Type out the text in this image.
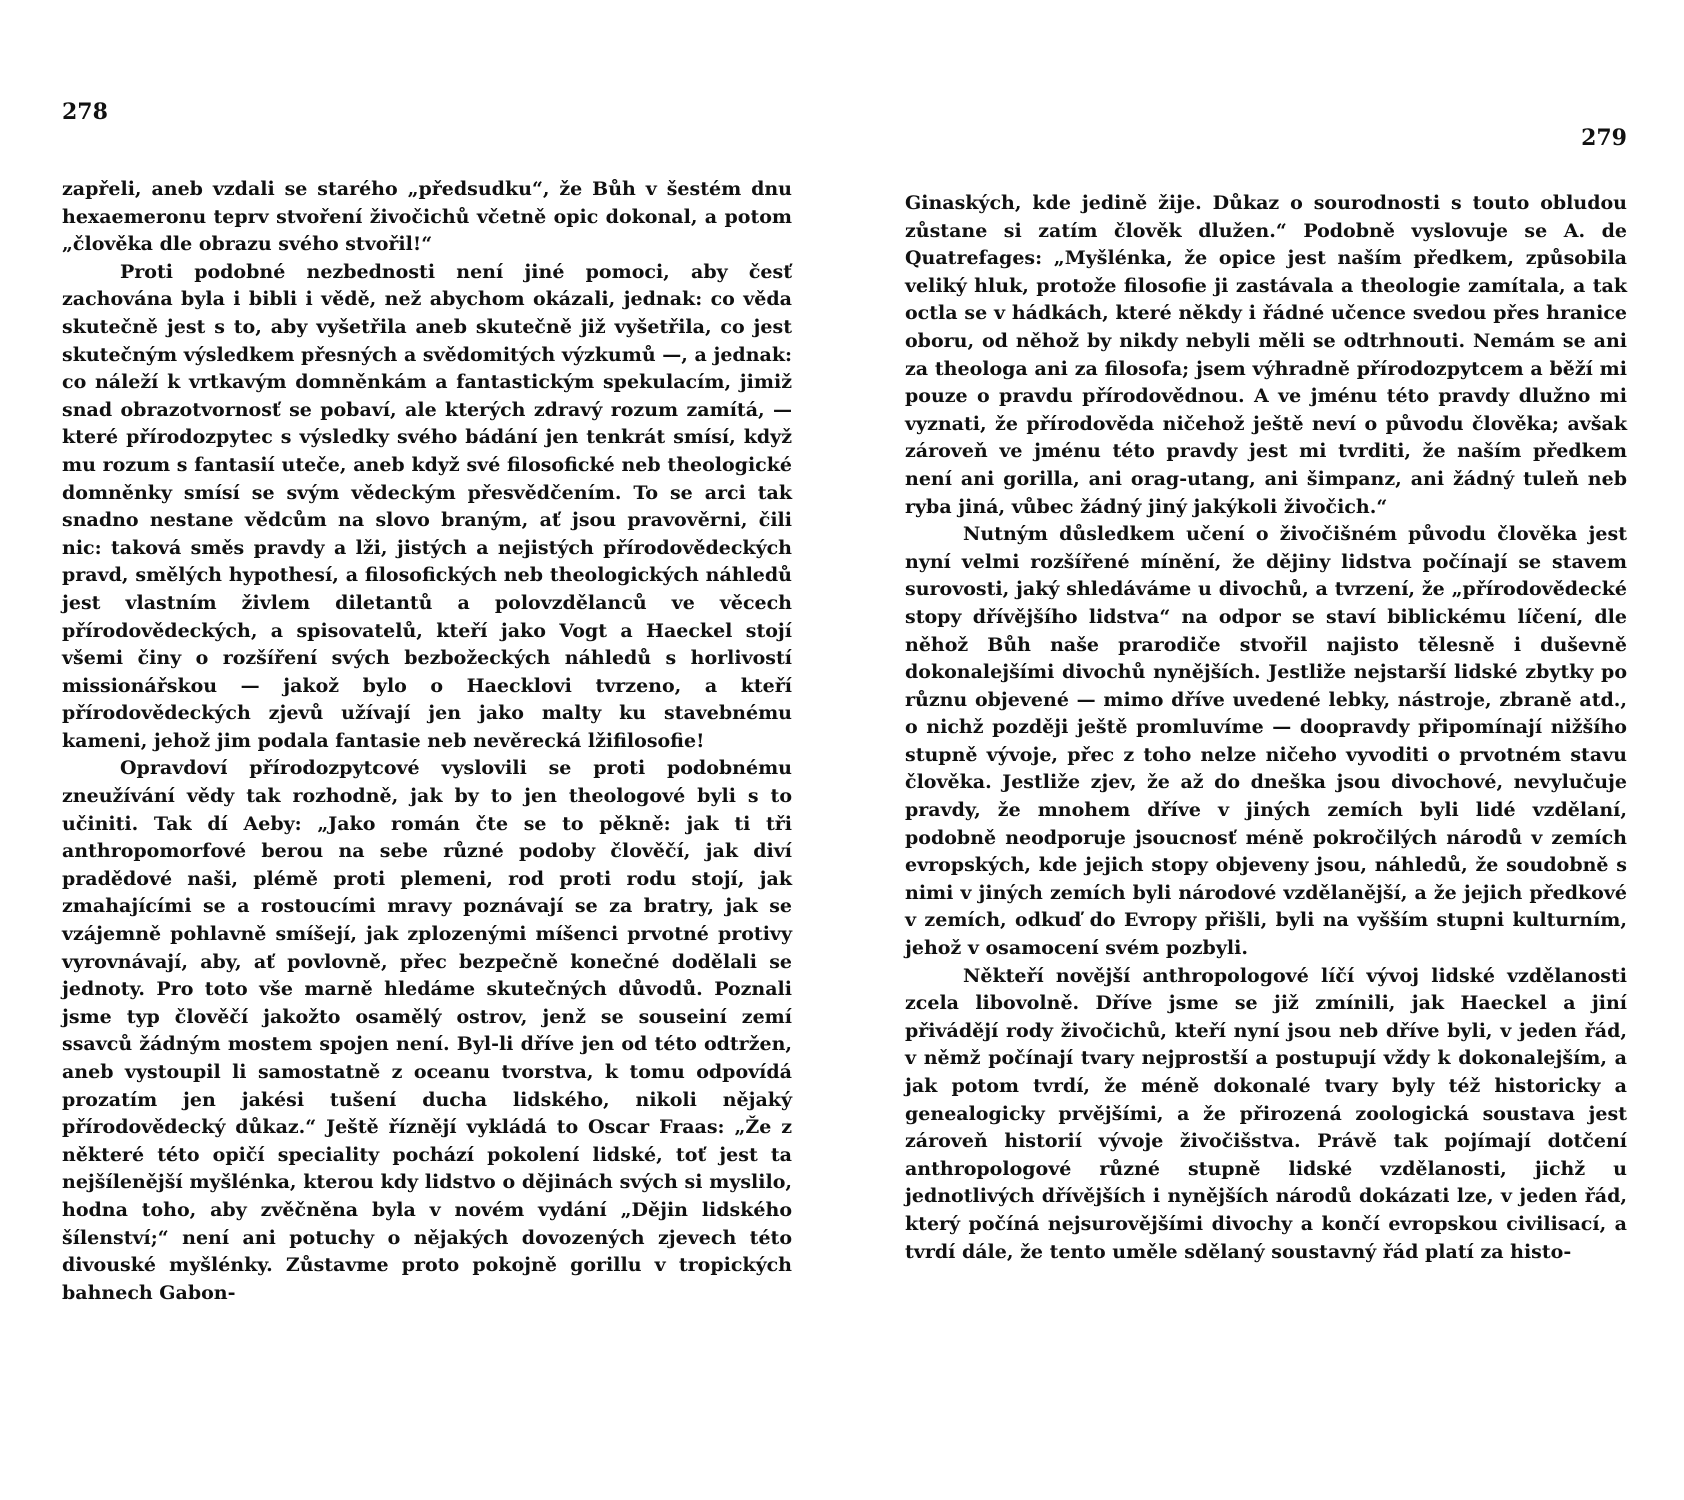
278

zapřeli, aneb vzdali se starého „předsudku“, že Bůh v šestém dnu hexaemeronu teprv stvoření živočichů včetně opic dokonal, a potom „člověka dle obrazu svého stvořil!“

Proti podobné nezbednosti není jiné pomoci, aby česť zachována byla i bibli i vědě, než abychom okázali, jednak: co věda skutečně jest s to, aby vyšetřila aneb skutečně již vyšetřila, co jest skutečným výsledkem přesných a svědomitých výzkumů —, a jednak: co náleží k vrtkavým domněnkám a fantastickým spekulacím, jimiž snad obrazotvornosť se pobaví, ale kterých zdravý rozum zamítá, — které přírodozpytec s výsledky svého bádání jen tenkrát smísí, když mu rozum s fantasií uteče, aneb když své filosofické neb theologické domněnky smísí se svým vědeckým přesvědčením. To se arci tak snadno nestane vědcům na slovo braným, ať jsou pravověrni, čili nic: taková směs pravdy a lži, jistých a nejistých přírodovědeckých pravd, smělých hypothesí, a filosofických neb theologických náhledů jest vlastním živlem diletantů a polovzdělanců ve věcech přírodovědeckých, a spisovatelů, kteří jako Vogt a Haeckel stojí všemi činy o rozšíření svých bezbožeckých náhledů s horlivostí missionářskou — jakož bylo o Haecklovi tvrzeno, a kteří přírodovědeckých zjevů užívají jen jako malty ku stavebnému kameni, jehož jim podala fantasie neb nevěrecká lžifilosofie!

Opravdoví přírodozpytcové vyslovili se proti podobnému zneužívání vědy tak rozhodně, jak by to jen theologové byli s to učiniti. Tak dí Aeby: „Jako román čte se to pěkně: jak ti tři anthropomorfové berou na sebe různé podoby člověčí, jak diví pradědové naši, plémě proti plemeni, rod proti rodu stojí, jak zmahajícími se a rostoucími mravy poznávají se za bratry, jak se vzájemně pohlavně smíšejí, jak zplozenými míšenci prvotné protivy vyrovnávají, aby, ať povlovně, přec bezpečně konečné dodělali se jednoty. Pro toto vše marně hledáme skutečných důvodů. Poznali jsme typ člověčí jakožto osamělý ostrov, jenž se souseiní zemí ssavců žádným mostem spojen není. Byl-li dříve jen od této odtržen, aneb vystoupil li samostatně z oceanu tvorstva, k tomu odpovídá prozatím jen jakési tušení ducha lidského, nikoli nějaký přírodovědecký důkaz.“ Ještě říznějí vykládá to Oscar Fraas: „Že z některé této opičí speciality pochází pokolení lidské, toť jest ta nejšílenější myšlénka, kterou kdy lidstvo o dějinách svých si myslilo, hodna toho, aby zvěčněna byla v novém vydání „Dějin lidského šílenství;“ není ani potuchy o nějakých dovozených zjevech této divouské myšlénky. Zůstavme proto pokojně gorillu v tropických bahnech Gabon-

279

Ginaských, kde jedině žije. Důkaz o sourodnosti s touto obludou zůstane si zatím člověk dlužen.“ Podobně vyslovuje se A. de Quatrefages: „Myšlénka, že opice jest naším předkem, způsobila veliký hluk, protože filosofie ji zastávala a theologie zamítala, a tak octla se v hádkách, které někdy i řádné učence svedou přes hranice oboru, od něhož by nikdy nebyli měli se odtrhnouti. Nemám se ani za theologa ani za filosofa; jsem výhradně přírodozpytcem a běží mi pouze o pravdu přírodovědnou. A ve jménu této pravdy dlužno mi vyznati, že přírodověda ničehož ještě neví o původu člověka; avšak zároveň ve jménu této pravdy jest mi tvrditi, že naším předkem není ani gorilla, ani orag-utang, ani šimpanz, ani žádný tuleň neb ryba jiná, vůbec žádný jiný jakýkoli živočich.“

Nutným důsledkem učení o živočišném původu člověka jest nyní velmi rozšířené mínění, že dějiny lidstva počínají se stavem surovosti, jaký shledáváme u divochů, a tvrzení, že „přírodovědecké stopy dřívějšího lidstva“ na odpor se staví biblickému líčení, dle něhož Bůh naše prarodiče stvořil najisto tělesně i duševně dokonalejšími divochů nynějších. Jestliže nejstarší lidské zbytky po různu objevené — mimo dříve uvedené lebky, nástroje, zbraně atd., o nichž později ještě promluvíme — doopravdy připomínají nižšího stupně vývoje, přec z toho nelze ničeho vyvoditi o prvotném stavu člověka. Jestliže zjev, že až do dneška jsou divochové, nevylučuje pravdy, že mnohem dříve v jiných zemích byli lidé vzdělaní, podobně neodporuje jsoucnosť méně pokročilých národů v zemích evropských, kde jejich stopy objeveny jsou, náhledů, že soudobně s nimi v jiných zemích byli národové vzdělanější, a že jejich předkové v zemích, odkuď do Evropy přišli, byli na vyšším stupni kulturním, jehož v osamocení svém pozbyli.

Někteří novější anthropologové líčí vývoj lidské vzdělanosti zcela libovolně. Dříve jsme se již zmínili, jak Haeckel a jiní přivádějí rody živočichů, kteří nyní jsou neb dříve byli, v jeden řád, v němž počínají tvary nejprostší a postupují vždy k dokonalejším, a jak potom tvrdí, že méně dokonalé tvary byly též historicky a genealogicky prvějšími, a že přirozená zoologická soustava jest zároveň historií vývoje živočišstva. Právě tak pojímají dotčení anthropologové různé stupně lidské vzdělanosti, jichž u jednotlivých dřívějších i nynějších národů dokázati lze, v jeden řád, který počíná nejsurovějšími divochy a končí evropskou civilisací, a tvrdí dále, že tento uměle sdělaný soustavný řád platí za histo-
